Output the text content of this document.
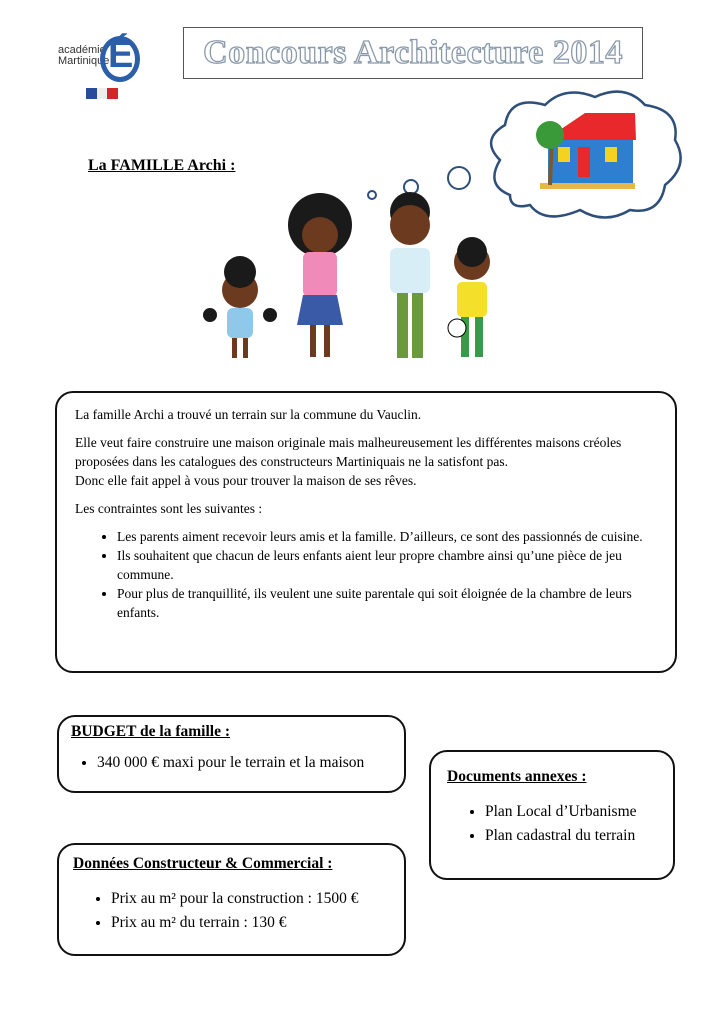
académie
Martinique
É Concours Architecture 2014
La FAMILLE Archi :

La famille Archi a trouvé un terrain sur la commune du Vauclin.

Elle veut faire construire une maison originale mais malheureusement les différentes maisons créoles proposées dans les catalogues des constructeurs Martiniquais ne la satisfont pas.
Donc elle fait appel à vous pour trouver la maison de ses rêves.

Les contraintes sont les suivantes :

• Les parents aiment recevoir leurs amis et la famille. D’ailleurs, ce sont des passionnés de cuisine.
• Ils souhaitent que chacun de leurs enfants aient leur propre chambre ainsi qu’une pièce de jeu commune.
• Pour plus de tranquillité, ils veulent une suite parentale qui soit éloignée de la chambre de leurs enfants.
BUDGET de la famille :
• 340 000 € maxi pour le terrain et la maison
Documents annexes :
• Plan Local d’Urbanisme
• Plan cadastral du terrain
Données Constructeur & Commercial :
• Prix au m² pour la construction : 1500 €
• Prix au m² du terrain : 130 €
